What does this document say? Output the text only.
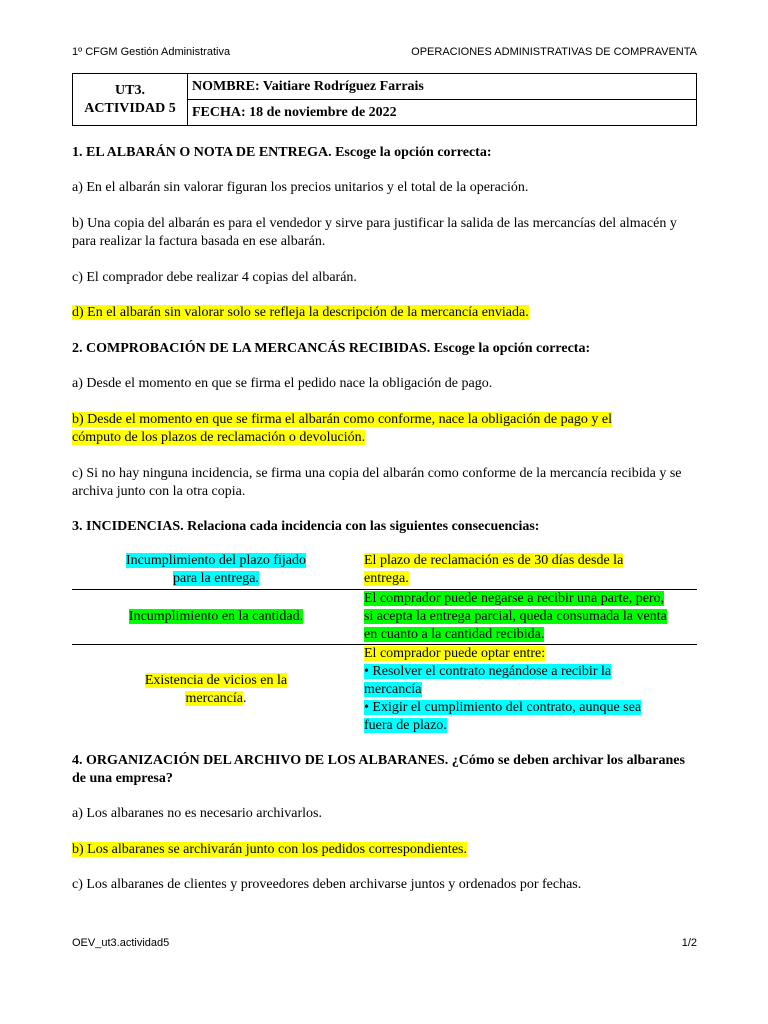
1º CFGM Gestión Administrativa	OPERACIONES ADMINISTRATIVAS DE COMPRAVENTA
UT3.
ACTIVIDAD 5	NOMBRE: Vaitiare Rodríguez Farrais
FECHA: 18 de noviembre de 2022

1. EL ALBARÁN O NOTA DE ENTREGA. Escoge la opción correcta:

a) En el albarán sin valorar figuran los precios unitarios y el total de la operación.

b) Una copia del albarán es para el vendedor y sirve para justificar la salida de las mercancías del almacén y para realizar la factura basada en ese albarán.

c) El comprador debe realizar 4 copias del albarán.

d) En el albarán sin valorar solo se refleja la descripción de la mercancía enviada.

2. COMPROBACIÓN DE LA MERCANCÁS RECIBIDAS. Escoge la opción correcta:

a) Desde el momento en que se firma el pedido nace la obligación de pago.

b) Desde el momento en que se firma el albarán como conforme, nace la obligación de pago y el
cómputo de los plazos de reclamación o devolución.

c) Si no hay ninguna incidencia, se firma una copia del albarán como conforme de la mercancía recibida y se archiva junto con la otra copia.

3. INCIDENCIAS. Relaciona cada incidencia con las siguientes consecuencias:

Incumplimiento del plazo fijado
para la entrega.	El plazo de reclamación es de 30 días desde la
entrega.
Incumplimiento en la cantidad.	El comprador puede negarse a recibir una parte, pero,
si acepta la entrega parcial, queda consumada la venta
en cuanto a la cantidad recibida.
Existencia de vicios en la
mercancía.	El comprador puede optar entre:
• Resolver el contrato negándose a recibir la
mercancía
• Exigir el cumplimiento del contrato, aunque sea
fuera de plazo.

4. ORGANIZACIÓN DEL ARCHIVO DE LOS ALBARANES. ¿Cómo se deben archivar los albaranes de una empresa?

a) Los albaranes no es necesario archivarlos.

b) Los albaranes se archivarán junto con los pedidos correspondientes.

c) Los albaranes de clientes y proveedores deben archivarse juntos y ordenados por fechas.

OEV_ut3.actividad5	1/2
